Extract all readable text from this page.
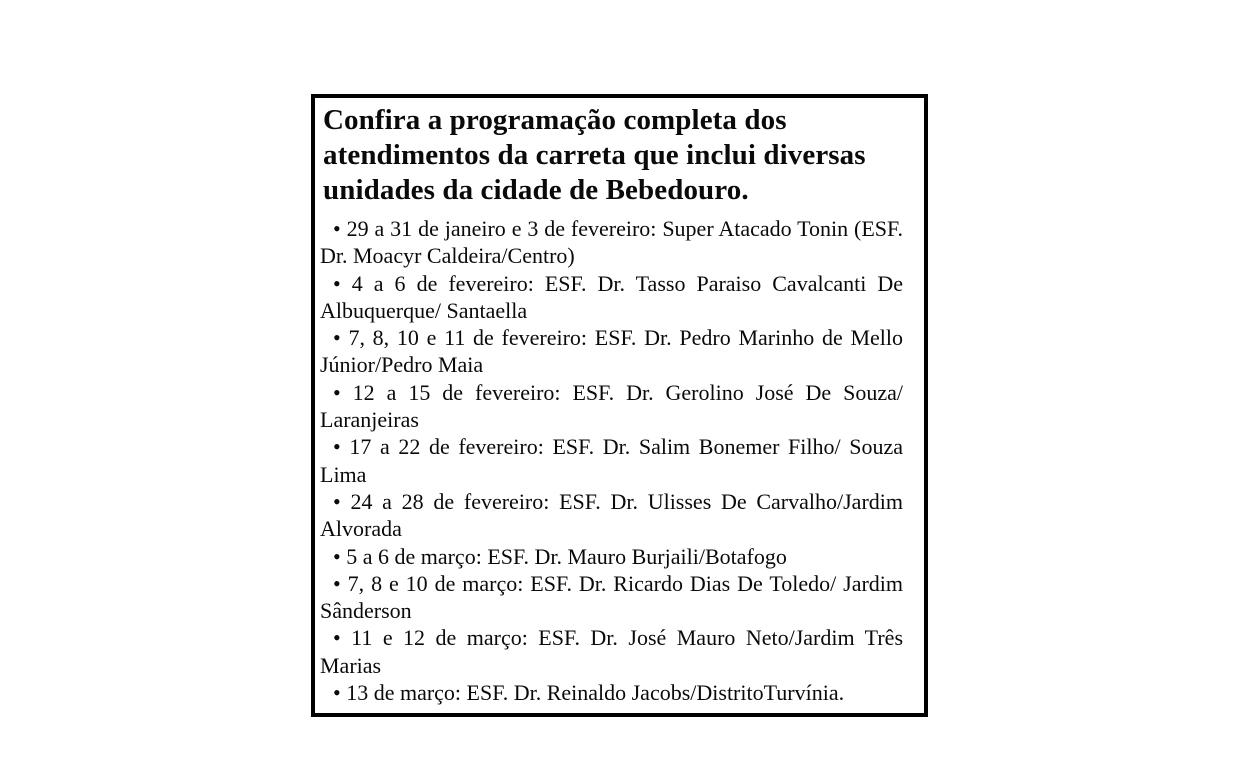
Confira a programação completa dos atendimentos da carreta que inclui diversas unidades da cidade de Bebedouro.

• 29 a 31 de janeiro e 3 de fevereiro: Super Atacado Tonin (ESF. Dr. Moacyr Caldeira/Centro)

• 4 a 6 de fevereiro: ESF. Dr. Tasso Paraiso Cavalcanti De Albuquerque/ Santaella

• 7, 8, 10 e 11 de fevereiro: ESF. Dr. Pedro Marinho de Mello Júnior/Pedro Maia

• 12 a 15 de fevereiro: ESF. Dr. Gerolino José De Souza/ Laranjeiras

• 17 a 22 de fevereiro: ESF. Dr. Salim Bonemer Filho/ Souza Lima

• 24 a 28 de fevereiro: ESF. Dr. Ulisses De Carvalho/Jardim Alvorada

• 5 a 6 de março: ESF. Dr. Mauro Burjaili/Botafogo

• 7, 8 e 10 de março: ESF. Dr. Ricardo Dias De Toledo/ Jardim Sânderson

• 11 e 12 de março: ESF. Dr. José Mauro Neto/Jardim Três Marias

• 13 de março: ESF. Dr. Reinaldo Jacobs/DistritoTurvínia.
